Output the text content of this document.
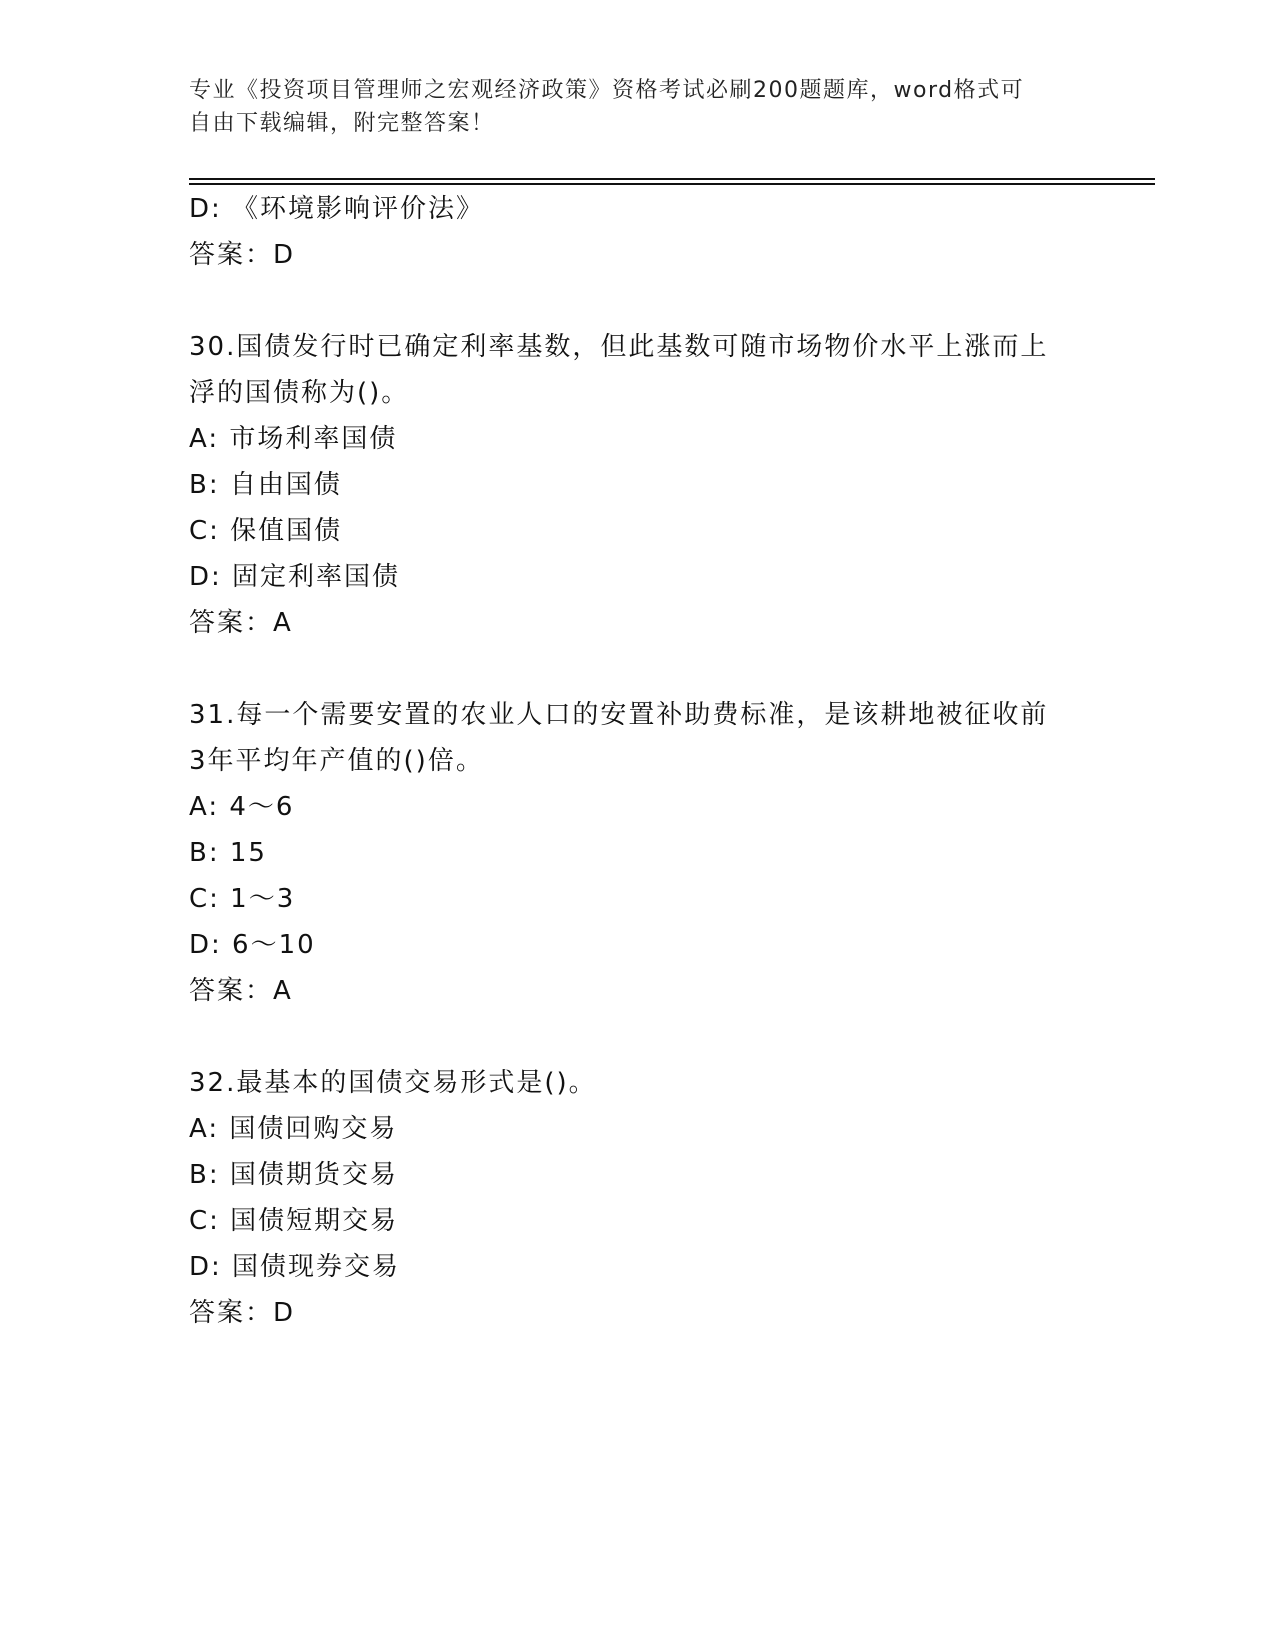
专业《投资项目管理师之宏观经济政策》资格考试必刷200题题库，word格式可
自由下载编辑，附完整答案！
D: 《环境影响评价法》
答案：D
30.国债发行时已确定利率基数，但此基数可随市场物价水平上涨而上
浮的国债称为()。
A: 市场利率国债
B: 自由国债
C: 保值国债
D: 固定利率国债
答案：A
31.每一个需要安置的农业人口的安置补助费标准，是该耕地被征收前
3年平均年产值的()倍。
A: 4～6
B: 15
C: 1～3
D: 6～10
答案：A
32.最基本的国债交易形式是()。
A: 国债回购交易
B: 国债期货交易
C: 国债短期交易
D: 国债现券交易
答案：D
